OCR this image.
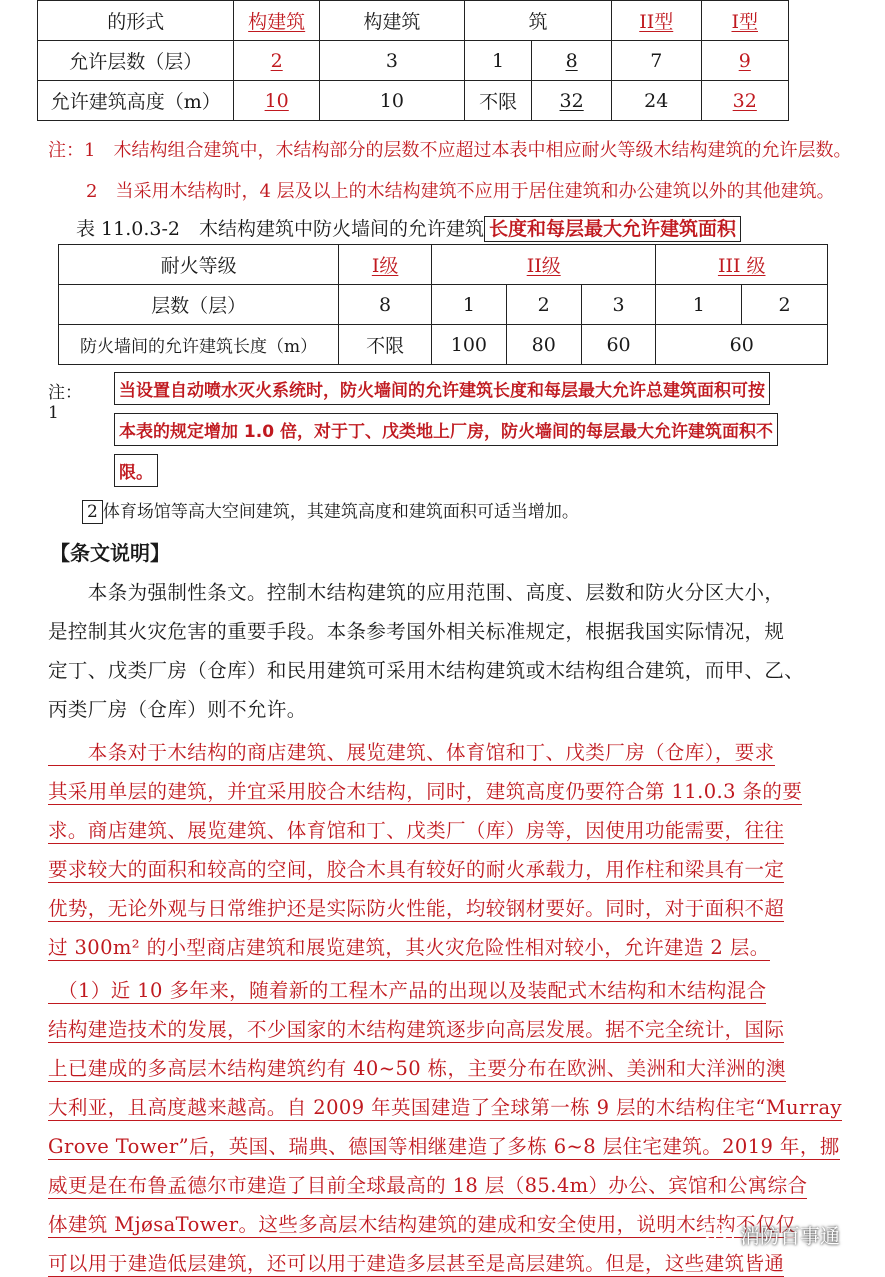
的形式	构建筑	构建筑	筑		II型	I型
允许层数（层）	2	3	1	8	7	9
允许建筑高度（m）	10	10	不限	32	24	32
注：1　木结构组合建筑中，木结构部分的层数不应超过本表中相应耐火等级木结构建筑的允许层数。
2　当采用木结构时，4 层及以上的木结构建筑不应用于居住建筑和办公建筑以外的其他建筑。
表 11.0.3-2　木结构建筑中防火墙间的允许建筑 长度和每层最大允许建筑面积
耐火等级	I级	II级			III 级	
层数（层）	8	1	2	3	1	2
防火墙间的允许建筑长度（m）	不限	100	80	60	60	
注：1
当设置自动喷水灭火系统时，防火墙间的允许建筑长度和每层最大允许总建筑面积可按
本表的规定增加 1.0 倍，对于丁、戊类地上厂房，防火墙间的每层最大允许建筑面积不
限。
2 体育场馆等高大空间建筑，其建筑高度和建筑面积可适当增加。
【条文说明】
　　本条为强制性条文。控制木结构建筑的应用范围、高度、层数和防火分区大小，
是控制其火灾危害的重要手段。本条参考国外相关标准规定，根据我国实际情况，规
定丁、戊类厂房（仓库）和民用建筑可采用木结构建筑或木结构组合建筑，而甲、乙、
丙类厂房（仓库）则不允许。
　　本条对于木结构的商店建筑、展览建筑、体育馆和丁、戊类厂房（仓库），要求
其采用单层的建筑，并宜采用胶合木结构，同时，建筑高度仍要符合第 11.0.3 条的要
求。商店建筑、展览建筑、体育馆和丁、戊类厂（库）房等，因使用功能需要，往往
要求较大的面积和较高的空间，胶合木具有较好的耐火承载力，用作柱和梁具有一定
优势，无论外观与日常维护还是实际防火性能，均较钢材要好。同时，对于面积不超
过 300m² 的小型商店建筑和展览建筑，其火灾危险性相对较小，允许建造 2 层。
　（1）近 10 多年来，随着新的工程木产品的出现以及装配式木结构和木结构混合
结构建造技术的发展，不少国家的木结构建筑逐步向高层发展。据不完全统计，国际
上已建成的多高层木结构建筑约有 40~50 栋，主要分布在欧洲、美洲和大洋洲的澳
大利亚，且高度越来越高。自 2009 年英国建造了全球第一栋 9 层的木结构住宅“Murray
Grove Tower”后，英国、瑞典、德国等相继建造了多栋 6~8 层住宅建筑。2019 年，挪
威更是在布鲁孟德尔市建造了目前全球最高的 18 层（85.4m）办公、宾馆和公寓综合
体建筑 MjøsaTower。这些多高层木结构建筑的建成和安全使用，说明木结构不仅仅
可以用于建造低层建筑，还可以用于建造多层甚至是高层建筑。但是，这些建筑皆通
消防百事通
